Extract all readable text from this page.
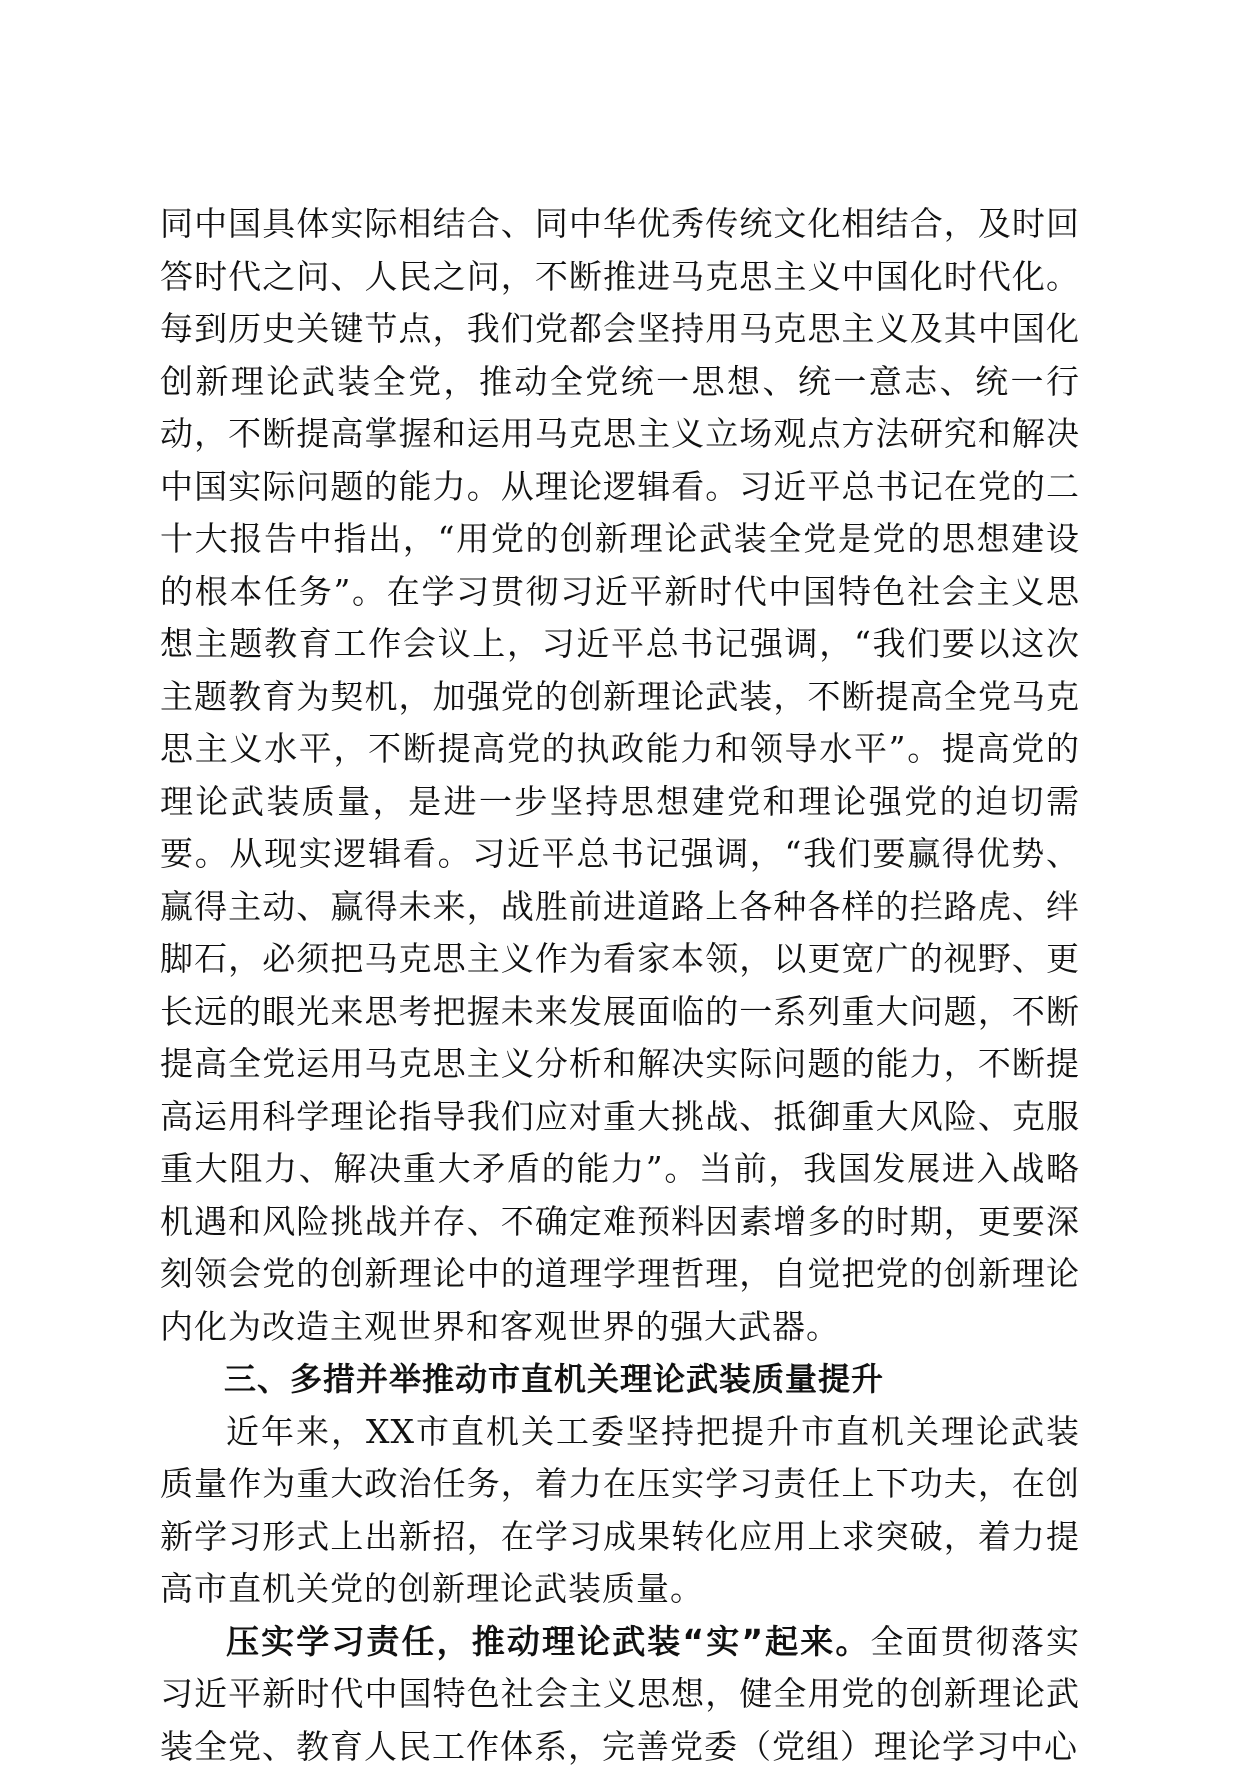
同中国具体实际相结合、同中华优秀传统文化相结合，及时回答时代之问、人民之问，不断推进马克思主义中国化时代化。每到历史关键节点，我们党都会坚持用马克思主义及其中国化创新理论武装全党，推动全党统一思想、统一意志、统一行动，不断提高掌握和运用马克思主义立场观点方法研究和解决中国实际问题的能力。从理论逻辑看。习近平总书记在党的二十大报告中指出，“用党的创新理论武装全党是党的思想建设的根本任务”。在学习贯彻习近平新时代中国特色社会主义思想主题教育工作会议上，习近平总书记强调，“我们要以这次主题教育为契机，加强党的创新理论武装，不断提高全党马克思主义水平，不断提高党的执政能力和领导水平”。提高党的理论武装质量，是进一步坚持思想建党和理论强党的迫切需要。从现实逻辑看。习近平总书记强调，“我们要赢得优势、赢得主动、赢得未来，战胜前进道路上各种各样的拦路虎、绊脚石，必须把马克思主义作为看家本领，以更宽广的视野、更长远的眼光来思考把握未来发展面临的一系列重大问题，不断提高全党运用马克思主义分析和解决实际问题的能力，不断提高运用科学理论指导我们应对重大挑战、抵御重大风险、克服重大阻力、解决重大矛盾的能力”。当前，我国发展进入战略机遇和风险挑战并存、不确定难预料因素增多的时期，更要深刻领会党的创新理论中的道理学理哲理，自觉把党的创新理论内化为改造主观世界和客观世界的强大武器。

三、多措并举推动市直机关理论武装质量提升

近年来，XX市直机关工委坚持把提升市直机关理论武装质量作为重大政治任务，着力在压实学习责任上下功夫，在创新学习形式上出新招，在学习成果转化应用上求突破，着力提高市直机关党的创新理论武装质量。

压实学习责任，推动理论武装“实”起来。全面贯彻落实习近平新时代中国特色社会主义思想，健全用党的创新理论武装全党、教育人民工作体系，完善党委（党组）理论学习中心
